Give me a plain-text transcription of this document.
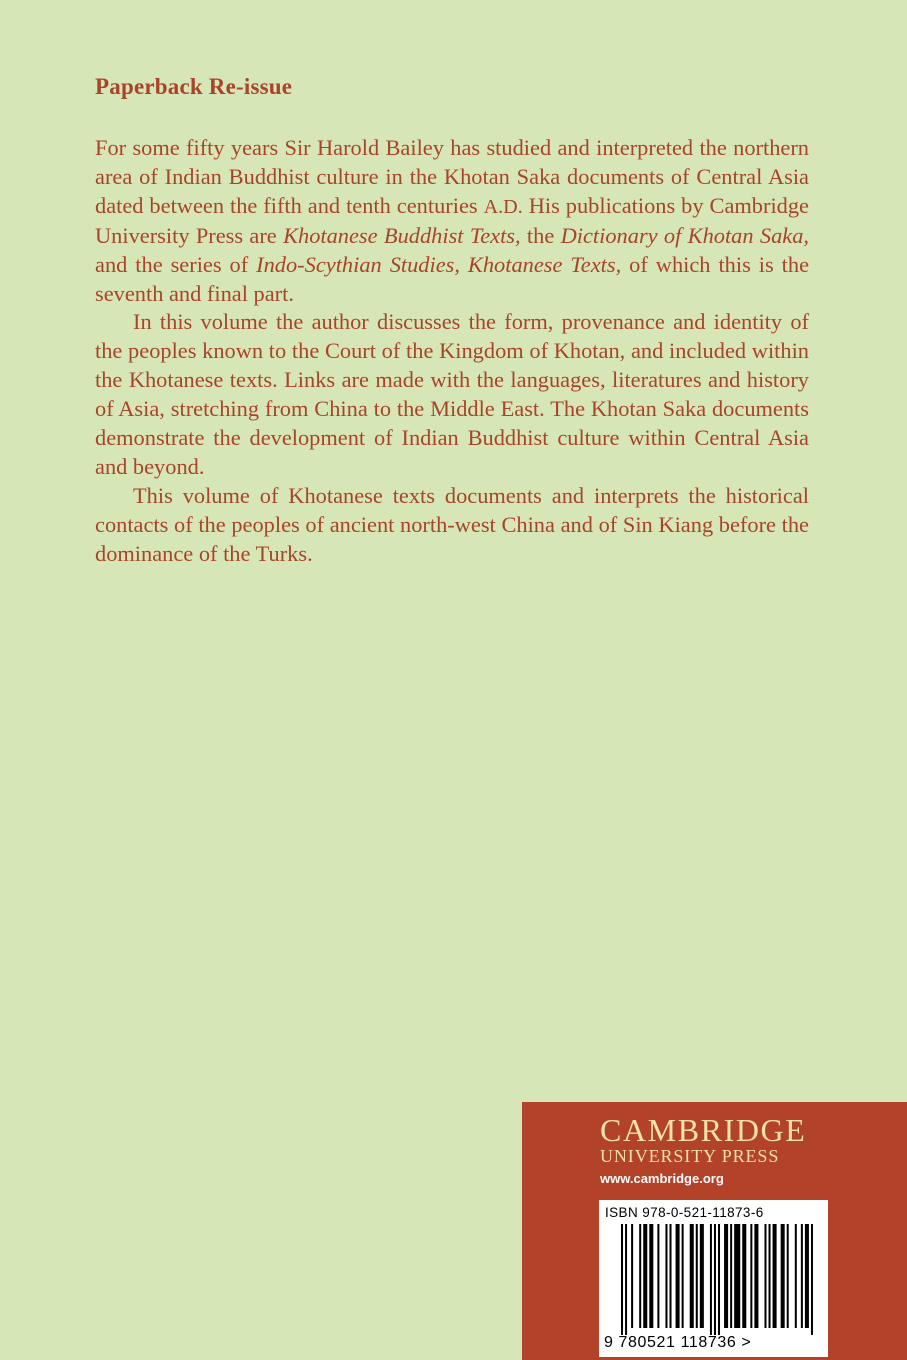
Paperback Re-issue

For some fifty years Sir Harold Bailey has studied and interpreted the northern area of Indian Buddhist culture in the Khotan Saka documents of Central Asia dated between the fifth and tenth centuries A.D. His publications by Cambridge University Press are Khotanese Buddhist Texts, the Dictionary of Khotan Saka, and the series of Indo-Scythian Studies, Khotanese Texts, of which this is the seventh and final part.

In this volume the author discusses the form, provenance and identity of the peoples known to the Court of the Kingdom of Khotan, and included within the Khotanese texts. Links are made with the languages, literatures and history of Asia, stretching from China to the Middle East. The Khotan Saka documents demonstrate the development of Indian Buddhist culture within Central Asia and beyond.

This volume of Khotanese texts documents and interprets the historical contacts of the peoples of ancient north-west China and of Sin Kiang before the dominance of the Turks.

CAMBRIDGE
UNIVERSITY PRESS
www.cambridge.org
ISBN 978-0-521-11873-6
9 780521 118736 >
